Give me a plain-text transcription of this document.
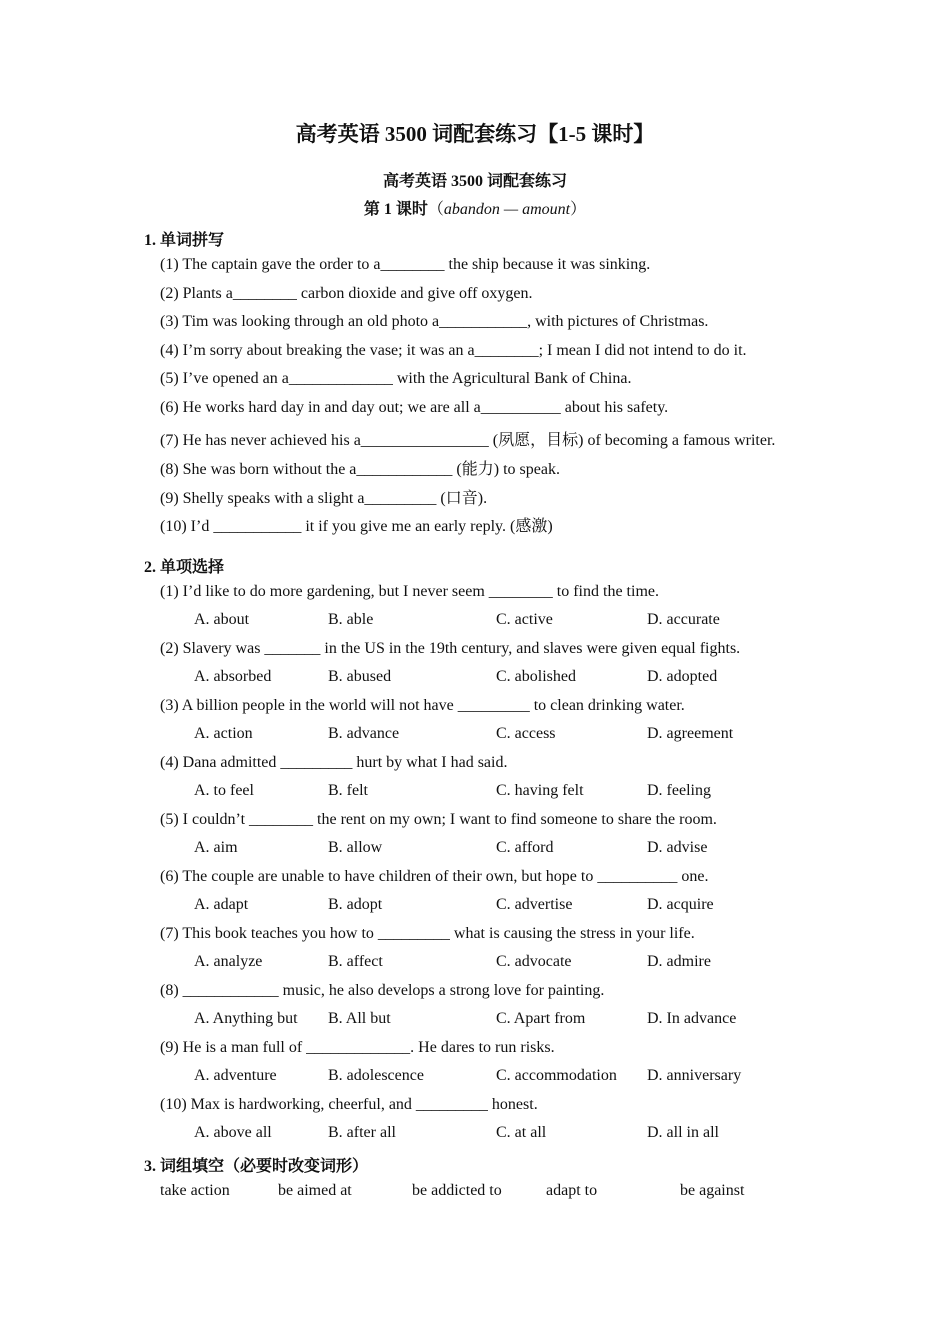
高考英语 3500 词配套练习【1-5 课时】
高考英语 3500 词配套练习
第 1 课时（abandon — amount）
1. 单词拼写
(1) The captain gave the order to a________ the ship because it was sinking.
(2) Plants a________ carbon dioxide and give off oxygen.
(3) Tim was looking through an old photo a___________, with pictures of Christmas.
(4) I’m sorry about breaking the vase; it was an a________; I mean I did not intend to do it.
(5) I’ve opened an a_____________ with the Agricultural Bank of China.
(6) He works hard day in and day out; we are all a__________ about his safety.
(7) He has never achieved his a________________ (夙愿，目标) of becoming a famous writer.
(8) She was born without the a____________ (能力) to speak.
(9) Shelly speaks with a slight a_________ (口音).
(10) I’d ___________ it if you give me an early reply. (感激)
2. 单项选择
(1) I’d like to do more gardening, but I never seem ________ to find the time.
A. about	B. able	C. active	D. accurate
(2) Slavery was _______ in the US in the 19th century, and slaves were given equal fights.
A. absorbed	B. abused	C. abolished	D. adopted
(3) A billion people in the world will not have _________ to clean drinking water.
A. action	B. advance	C. access	D. agreement
(4) Dana admitted _________ hurt by what I had said.
A. to feel	B. felt	C. having felt	D. feeling
(5) I couldn’t ________ the rent on my own; I want to find someone to share the room.
A. aim	B. allow	C. afford	D. advise
(6) The couple are unable to have children of their own, but hope to __________ one.
A. adapt	B. adopt	C. advertise	D. acquire
(7) This book teaches you how to _________ what is causing the stress in your life.
A. analyze	B. affect	C. advocate	D. admire
(8) ____________ music, he also develops a strong love for painting.
A. Anything but B. All but	C. Apart from	D. In advance
(9) He is a man full of _____________. He dares to run risks.
A. adventure	B. adolescence	C. accommodation D. anniversary
(10) Max is hardworking, cheerful, and _________ honest.
A. above all	B. after all	C. at all	D. all in all
3. 词组填空（必要时改变词形）
take action	be aimed at	be addicted to	adapt to	be against
